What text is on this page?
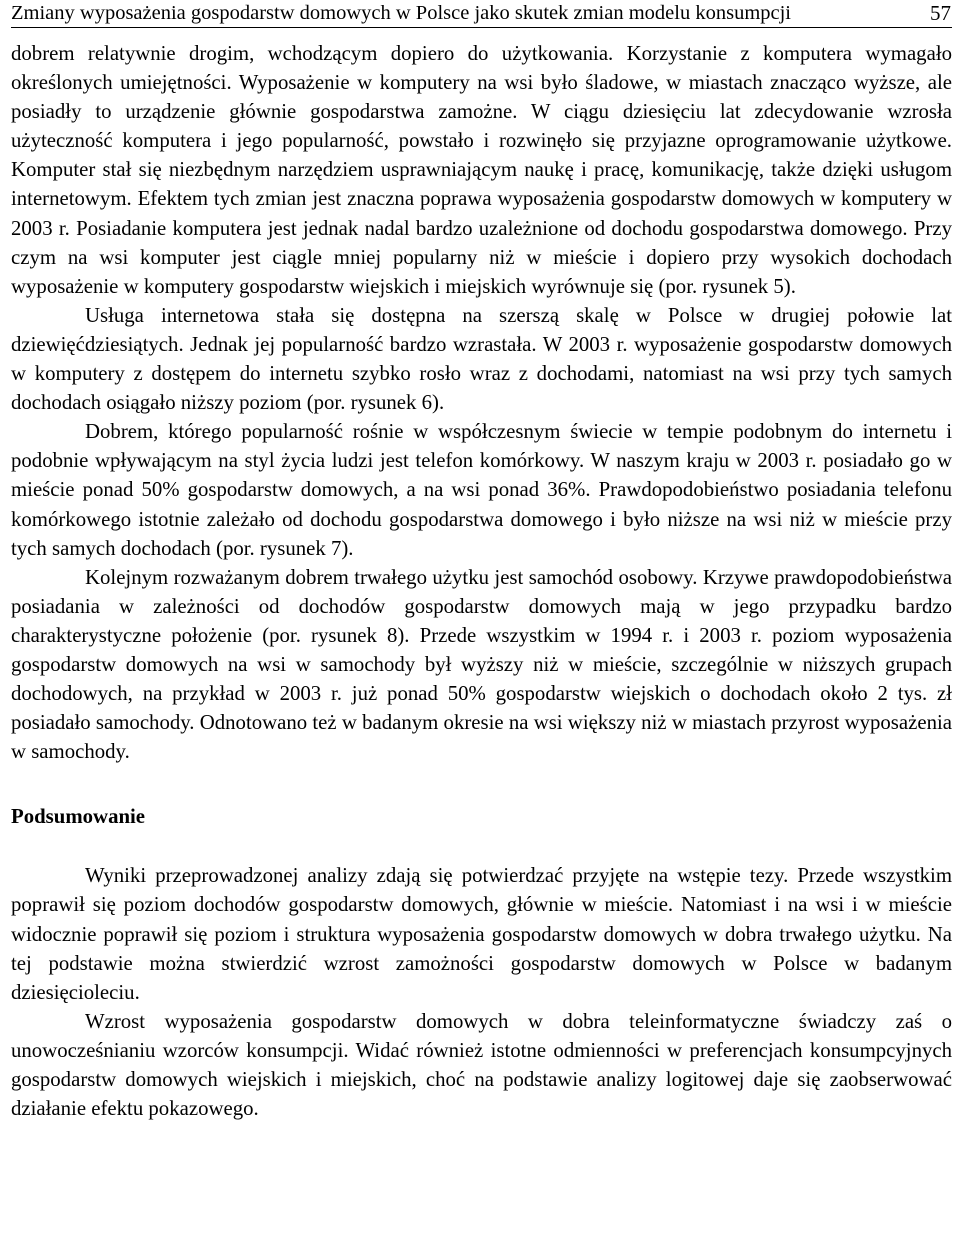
Zmiany wyposażenia gospodarstw domowych w Polsce jako skutek zmian modelu konsumpcji	57

dobrem relatywnie drogim, wchodzącym dopiero do użytkowania. Korzystanie z komputera wymagało określonych umiejętności. Wyposażenie w komputery na wsi było śladowe, w miastach znacząco wyższe, ale posiadły to urządzenie głównie gospodarstwa zamożne. W ciągu dziesięciu lat zdecydowanie wzrosła użyteczność komputera i jego popularność, powstało i rozwinęło się przyjazne oprogramowanie użytkowe. Komputer stał się niezbędnym narzędziem usprawniającym naukę i pracę, komunikację, także dzięki usługom internetowym. Efektem tych zmian jest znaczna poprawa wyposażenia gospodarstw domowych w komputery w 2003 r. Posiadanie komputera jest jednak nadal bardzo uzależnione od dochodu gospodarstwa domowego. Przy czym na wsi komputer jest ciągle mniej popularny niż w mieście i dopiero przy wysokich dochodach wyposażenie w komputery gospodarstw wiejskich i miejskich wyrównuje się (por. rysunek 5).

Usługa internetowa stała się dostępna na szerszą skalę w Polsce w drugiej połowie lat dziewięćdziesiątych. Jednak jej popularność bardzo wzrastała. W 2003 r. wyposażenie gospodarstw domowych w komputery z dostępem do internetu szybko rosło wraz z dochodami, natomiast na wsi przy tych samych dochodach osiągało niższy poziom (por. rysunek 6).

Dobrem, którego popularność rośnie w współczesnym świecie w tempie podobnym do internetu i podobnie wpływającym na styl życia ludzi jest telefon komórkowy. W naszym kraju w 2003 r. posiadało go w mieście ponad 50% gospodarstw domowych, a na wsi ponad 36%. Prawdopodobieństwo posiadania telefonu komórkowego istotnie zależało od dochodu gospodarstwa domowego i było niższe na wsi niż w mieście przy tych samych dochodach (por. rysunek 7).

Kolejnym rozważanym dobrem trwałego użytku jest samochód osobowy. Krzywe prawdopodobieństwa posiadania w zależności od dochodów gospodarstw domowych mają w jego przypadku bardzo charakterystyczne położenie (por. rysunek 8). Przede wszystkim w 1994 r. i 2003 r. poziom wyposażenia gospodarstw domowych na wsi w samochody był wyższy niż w mieście, szczególnie w niższych grupach dochodowych, na przykład w 2003 r. już ponad 50% gospodarstw wiejskich o dochodach około 2 tys. zł posiadało samochody. Odnotowano też w badanym okresie na wsi większy niż w miastach przyrost wyposażenia w samochody.

Podsumowanie

Wyniki przeprowadzonej analizy zdają się potwierdzać przyjęte na wstępie tezy. Przede wszystkim poprawił się poziom dochodów gospodarstw domowych, głównie w mieście. Natomiast i na wsi i w mieście widocznie poprawił się poziom i struktura wyposażenia gospodarstw domowych w dobra trwałego użytku. Na tej podstawie można stwierdzić wzrost zamożności gospodarstw domowych w Polsce w badanym dziesięcioleciu.

Wzrost wyposażenia gospodarstw domowych w dobra teleinformatyczne świadczy zaś o unowocześnianiu wzorców konsumpcji. Widać również istotne odmienności w preferencjach konsumpcyjnych gospodarstw domowych wiejskich i miejskich, choć na podstawie analizy logitowej daje się zaobserwować działanie efektu pokazowego.
